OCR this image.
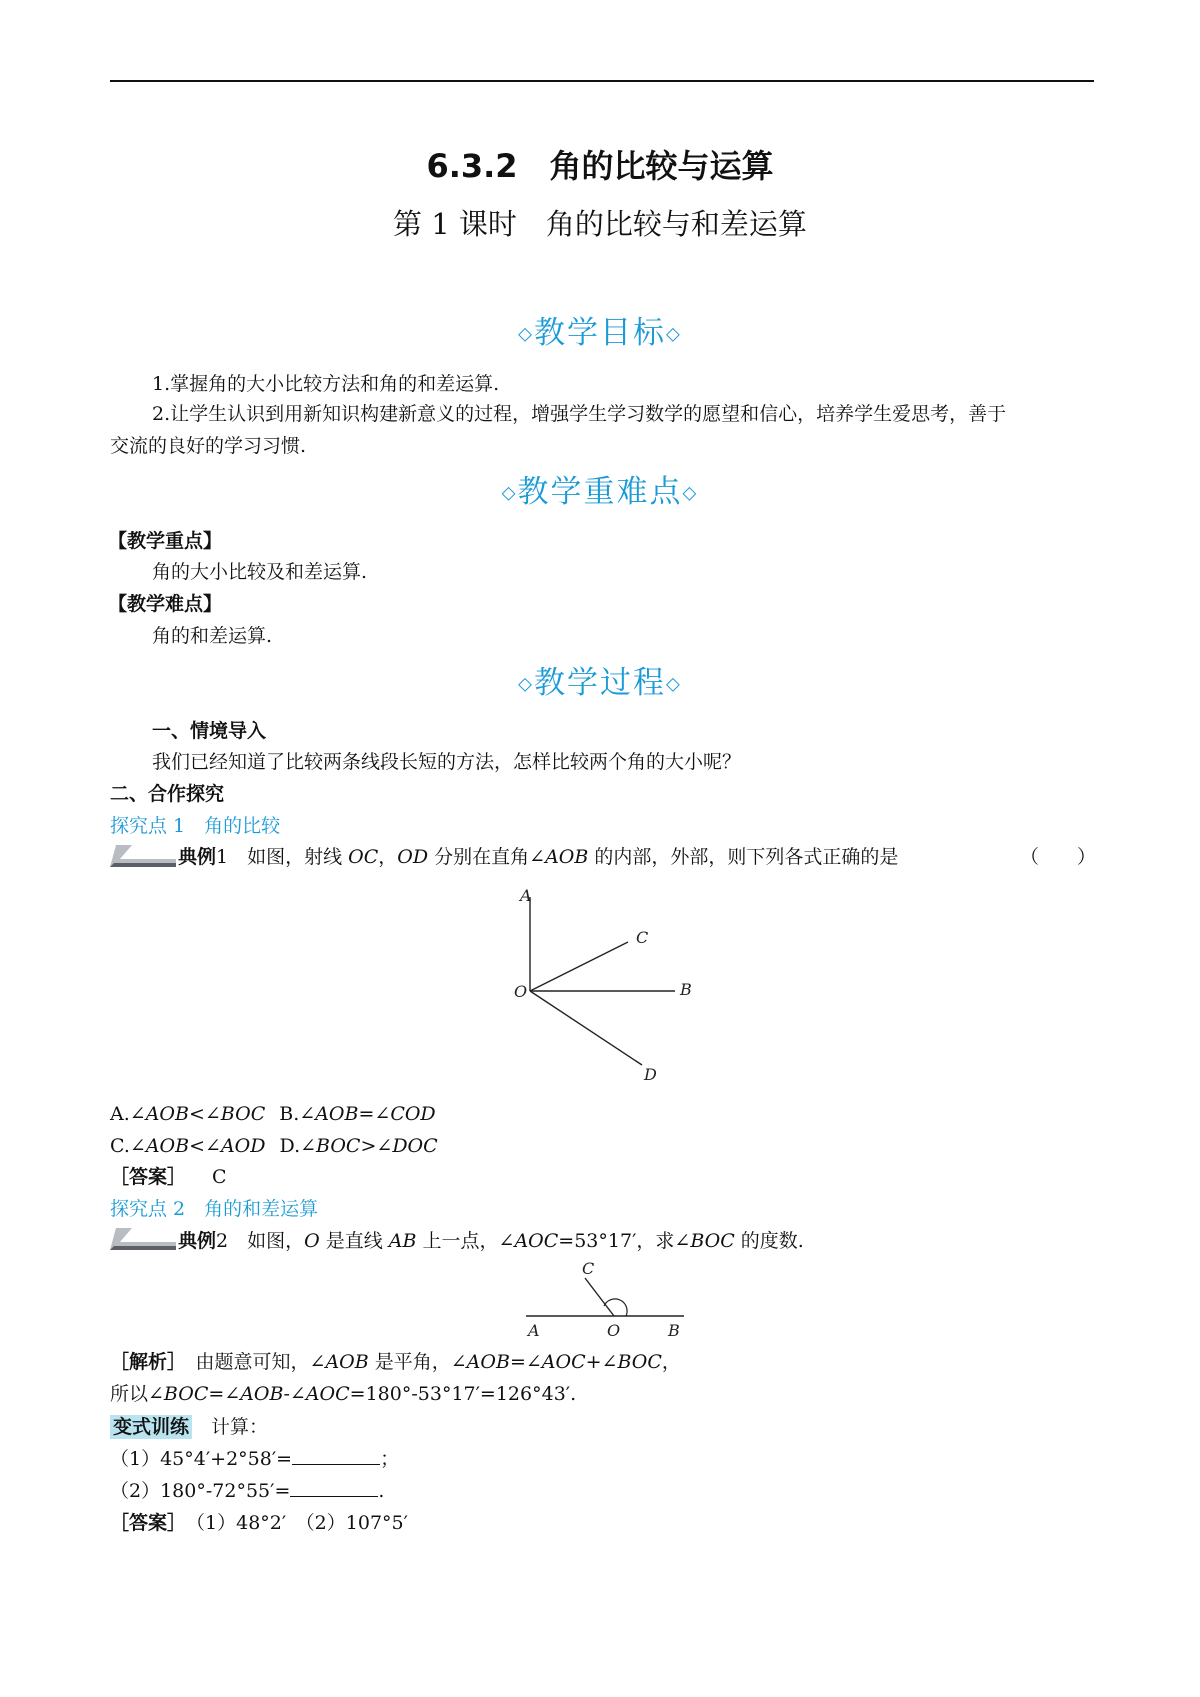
6.3.2　角的比较与运算
第 1 课时　角的比较与和差运算
◇教学目标◇
1.掌握角的大小比较方法和角的和差运算.
2.让学生认识到用新知识构建新意义的过程，增强学生学习数学的愿望和信心，培养学生爱思考，善于
交流的良好的学习习惯.
◇教学重难点◇
【教学重点】
角的大小比较及和差运算.
【教学难点】
角的和差运算.
◇教学过程◇
一、情境导入
我们已经知道了比较两条线段长短的方法，怎样比较两个角的大小呢？
二、合作探究
探究点 1　角的比较
典例1　如图，射线 OC，OD 分别在直角∠AOB 的内部，外部，则下列各式正确的是	（　　）
A
C
B
O
D
A.∠AOB<∠BOC B.∠AOB=∠COD
C.∠AOB<∠AOD D.∠BOC>∠DOC
［答案］ C
探究点 2　角的和差运算
典例2　如图，O 是直线 AB 上一点，∠AOC=53°17′，求∠BOC 的度数.
C
A	O	B
［解析］　由题意可知，∠AOB 是平角，∠AOB=∠AOC+∠BOC，
所以∠BOC=∠AOB-∠AOC=180°-53°17′=126°43′.
变式训练　计算：
（1）45°4′+2°58′=	；
（2）180°-72°55′=	.
［答案］　（1）48°2′　（2）107°5′
